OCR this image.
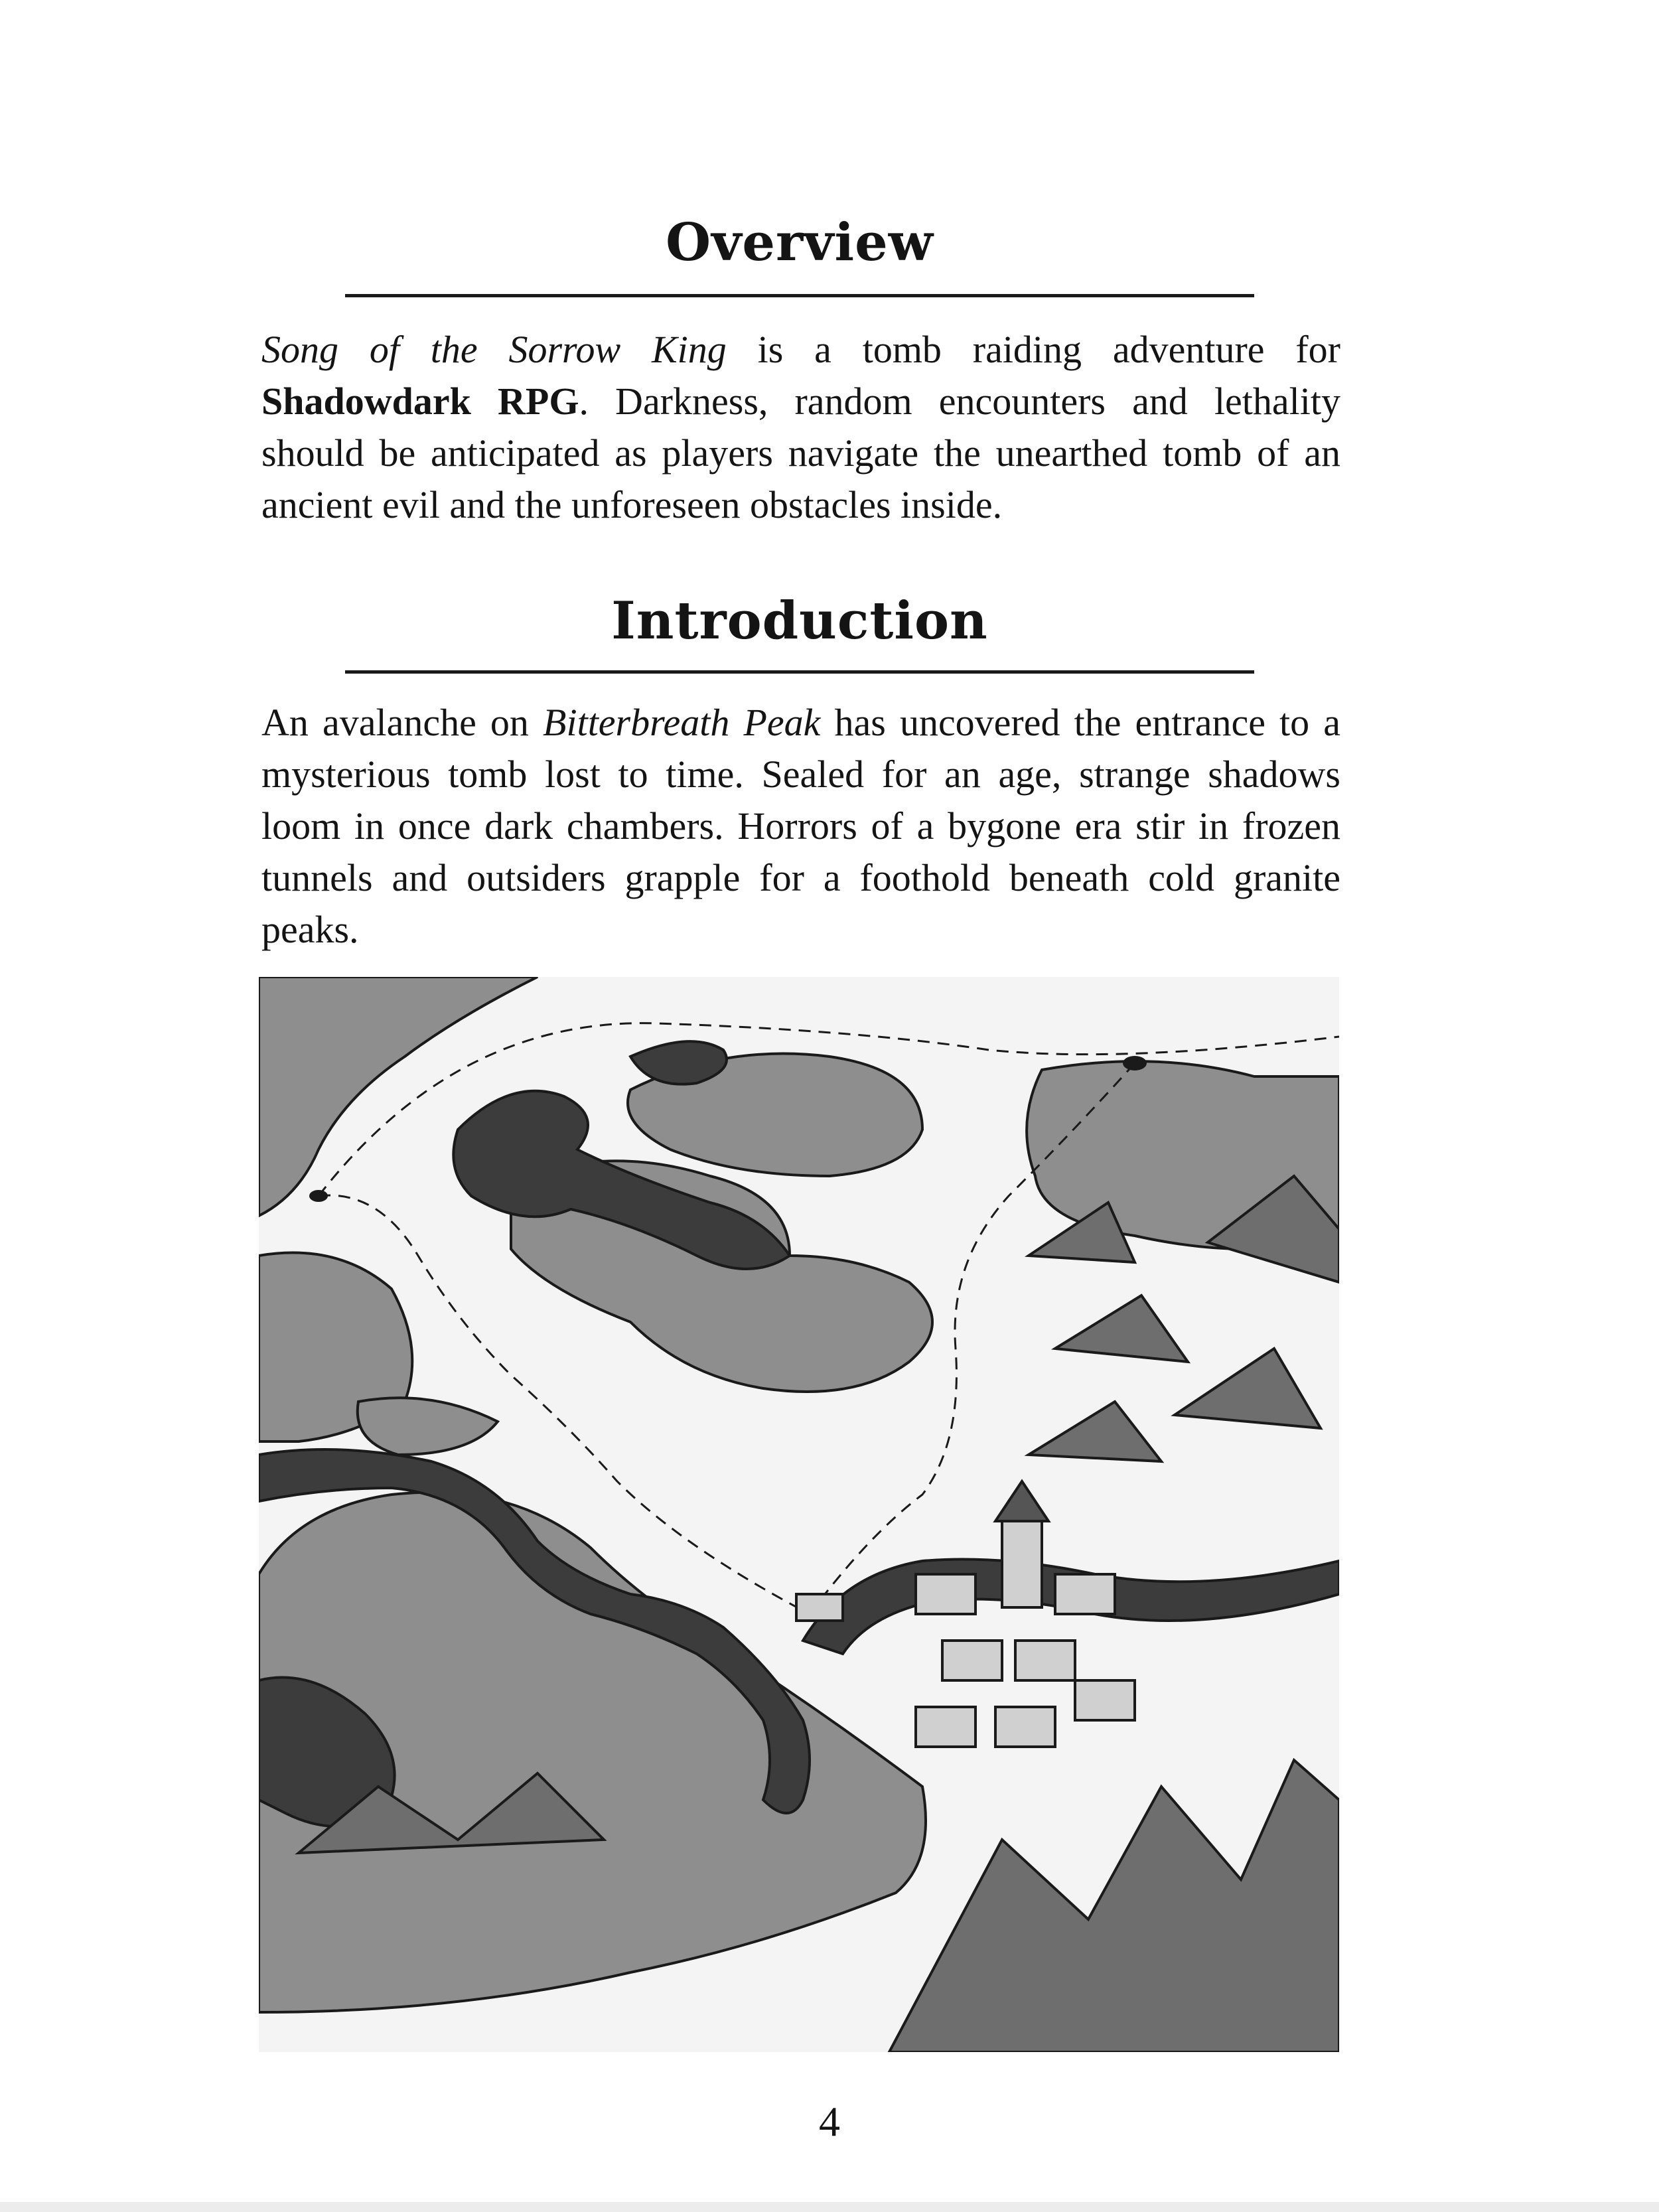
Overview

Song of the Sorrow King is a tomb raiding adventure for Shadowdark RPG. Darkness, random encounters and lethality should be anticipated as players navigate the unearthed tomb of an ancient evil and the unforeseen obstacles inside.

Introduction

An avalanche on Bitterbreath Peak has uncovered the entrance to a mysterious tomb lost to time. Sealed for an age, strange shadows loom in once dark chambers. Horrors of a bygone era stir in frozen tunnels and outsiders grapple for a foothold beneath cold granite peaks.

4
